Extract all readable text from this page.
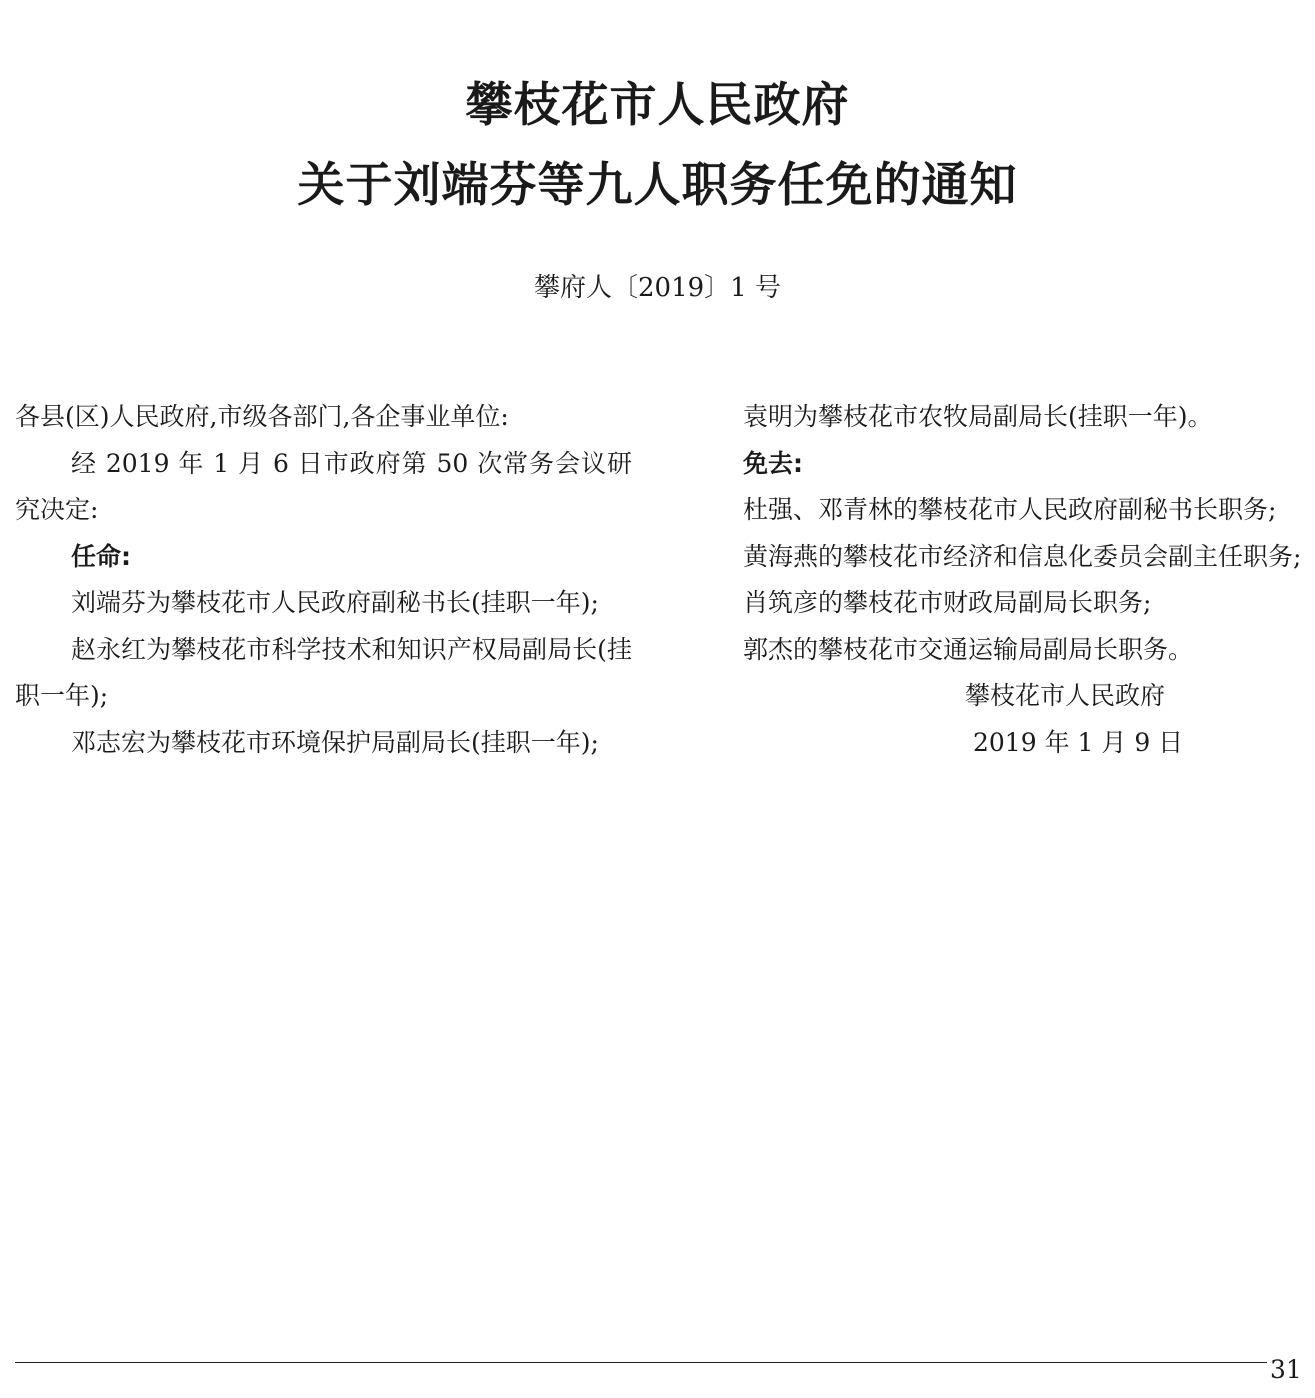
攀枝花市人民政府
关于刘端芬等九人职务任免的通知
攀府人〔2019〕1 号

各县(区)人民政府,市级各部门,各企事业单位:

经 2019 年 1 月 6 日市政府第 50 次常务会议研究决定:

任命:

刘端芬为攀枝花市人民政府副秘书长(挂职一年);

赵永红为攀枝花市科学技术和知识产权局副局长(挂职一年);

邓志宏为攀枝花市环境保护局副局长(挂职一年);

袁明为攀枝花市农牧局副局长(挂职一年)。

免去:

杜强、邓青林的攀枝花市人民政府副秘书长职务;

黄海燕的攀枝花市经济和信息化委员会副主任职务;

肖筑彦的攀枝花市财政局副局长职务;

郭杰的攀枝花市交通运输局副局长职务。

攀枝花市人民政府

2019 年 1 月 9 日

31
